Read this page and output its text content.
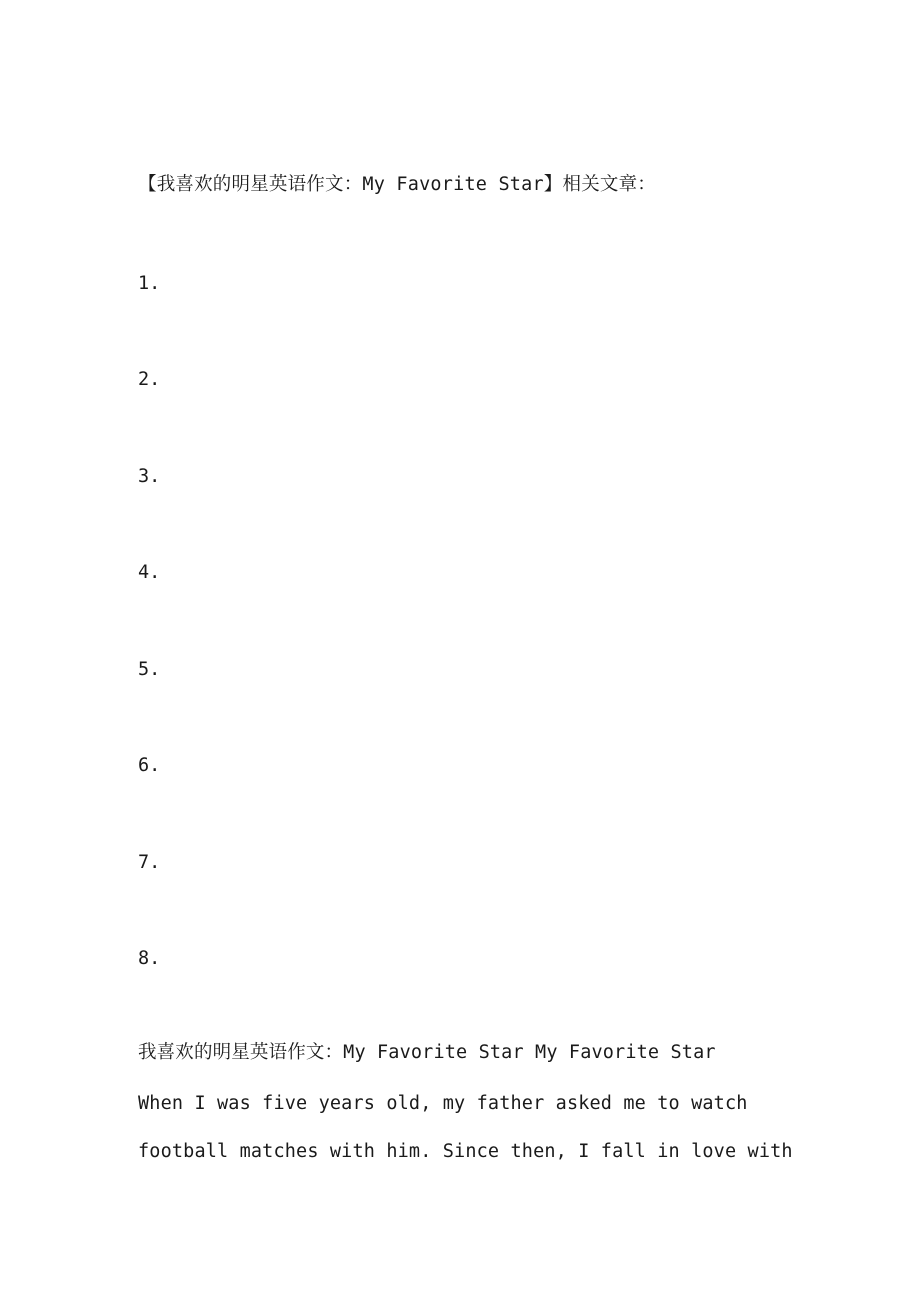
【我喜欢的明星英语作文：My Favorite Star】相关文章：
1.
2.
3.
4.
5.
6.
7.
8.
我喜欢的明星英语作文：My Favorite Star My Favorite Star
When I was five years old, my father asked me to watch
football matches with him. Since then, I fall in love with
